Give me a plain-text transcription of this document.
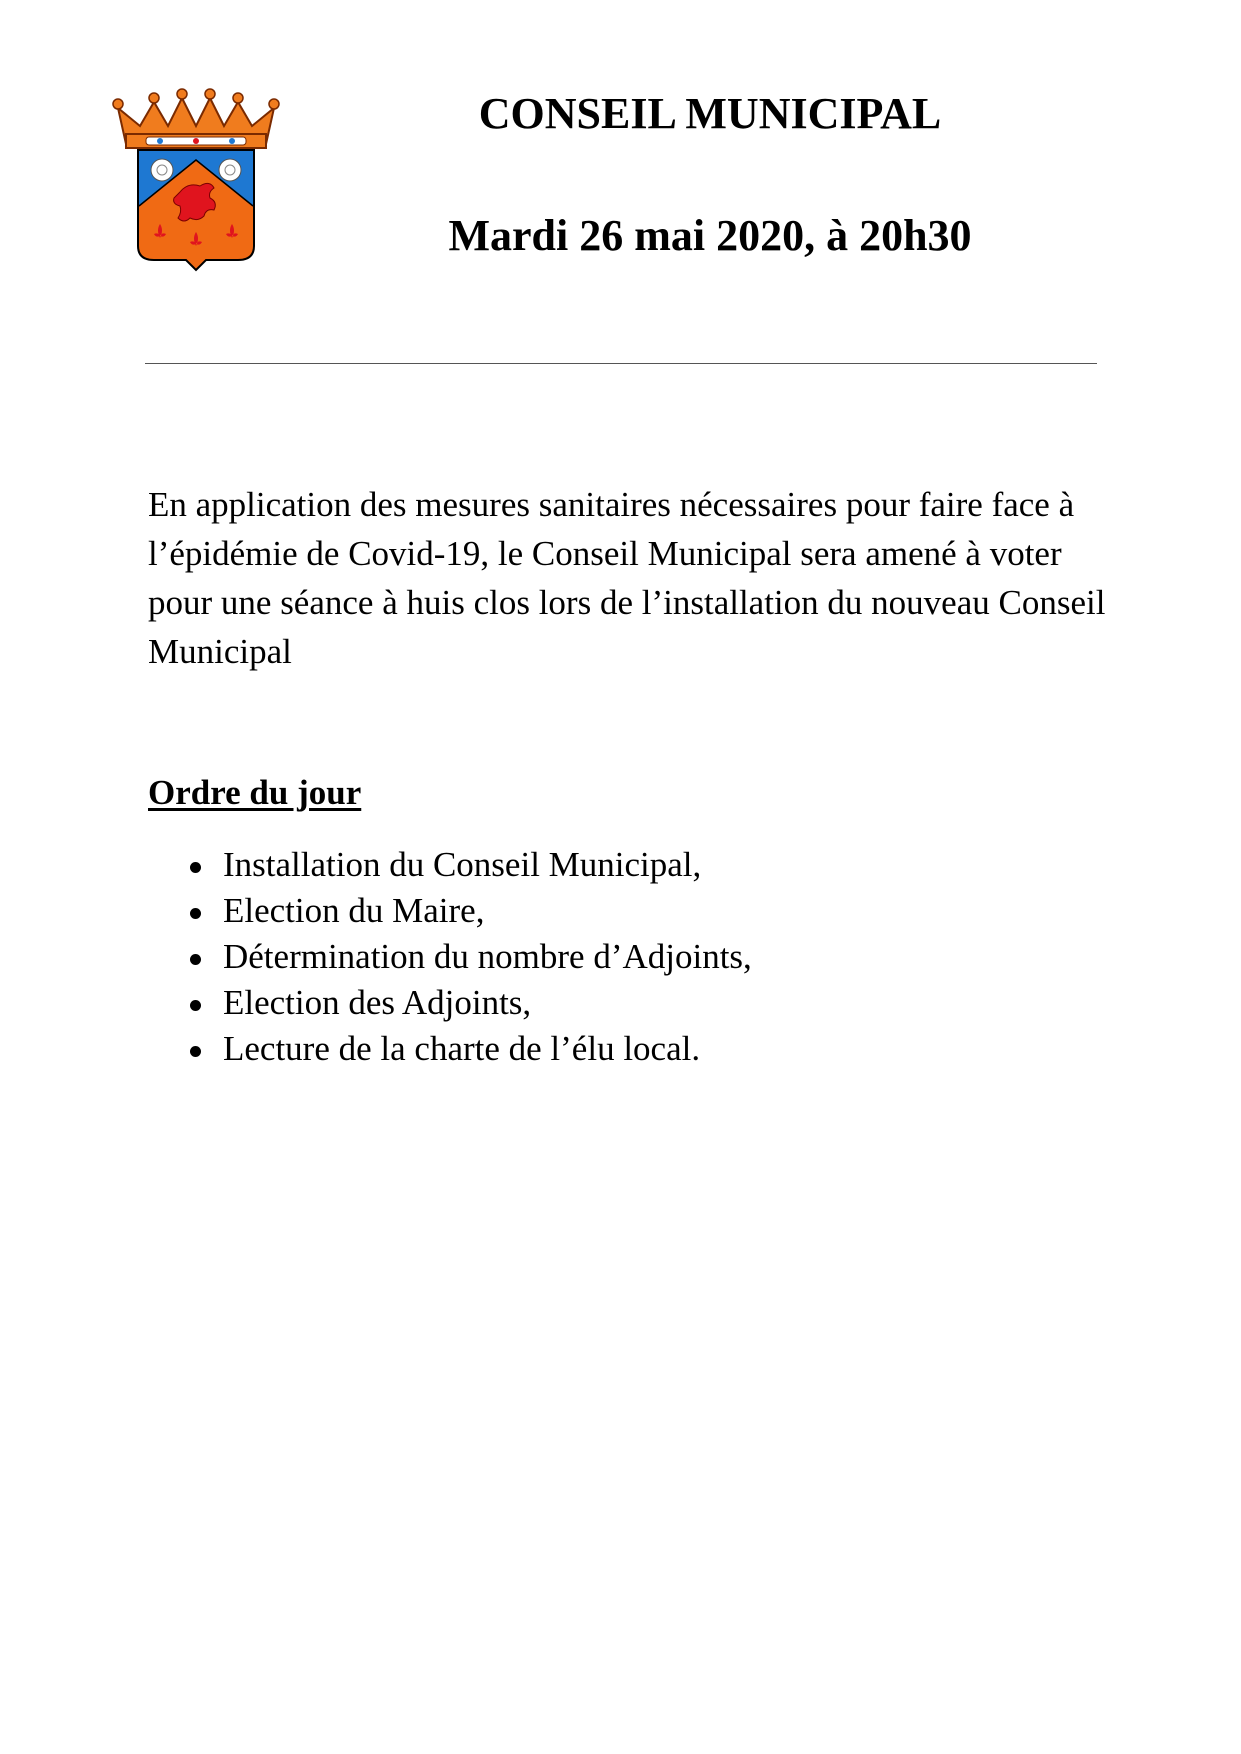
CONSEIL MUNICIPAL
Mardi 26 mai 2020, à 20h30

En application des mesures sanitaires nécessaires pour faire face à l’épidémie de Covid-19, le Conseil Municipal sera amené à voter pour une séance à huis clos lors de l’installation du nouveau Conseil Municipal

Ordre du jour
Installation du Conseil Municipal,
Election du Maire,
Détermination du nombre d’Adjoints,
Election des Adjoints,
Lecture de la charte de l’élu local.
